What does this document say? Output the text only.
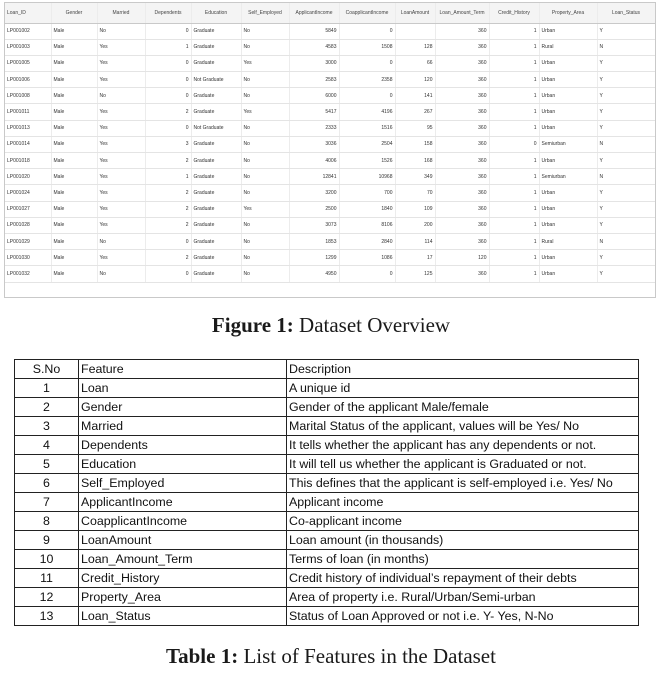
Loan_ID	Gender	Married	Dependents	Education	Self_Employed	ApplicantIncome	CoapplicantIncome	LoanAmount	Loan_Amount_Term	Credit_History	Property_Area	Loan_Status
LP001002	Male	No	0	Graduate	No	5849	0		360	1	Urban	Y
LP001003	Male	Yes	1	Graduate	No	4583	1508	128	360	1	Rural	N
LP001005	Male	Yes	0	Graduate	Yes	3000	0	66	360	1	Urban	Y
LP001006	Male	Yes	0	Not Graduate	No	2583	2358	120	360	1	Urban	Y
LP001008	Male	No	0	Graduate	No	6000	0	141	360	1	Urban	Y
LP001011	Male	Yes	2	Graduate	Yes	5417	4196	267	360	1	Urban	Y
LP001013	Male	Yes	0	Not Graduate	No	2333	1516	95	360	1	Urban	Y
LP001014	Male	Yes	3	Graduate	No	3036	2504	158	360	0	Semiurban	N
LP001018	Male	Yes	2	Graduate	No	4006	1526	168	360	1	Urban	Y
LP001020	Male	Yes	1	Graduate	No	12841	10968	349	360	1	Semiurban	N
LP001024	Male	Yes	2	Graduate	No	3200	700	70	360	1	Urban	Y
LP001027	Male	Yes	2	Graduate	Yes	2500	1840	109	360	1	Urban	Y
LP001028	Male	Yes	2	Graduate	No	3073	8106	200	360	1	Urban	Y
LP001029	Male	No	0	Graduate	No	1853	2840	114	360	1	Rural	N
LP001030	Male	Yes	2	Graduate	No	1299	1086	17	120	1	Urban	Y
LP001032	Male	No	0	Graduate	No	4950	0	125	360	1	Urban	Y
Figure 1: Dataset Overview
S.No	Feature	Description
1	Loan	A unique id
2	Gender	Gender of the applicant Male/female
3	Married	Marital Status of the applicant, values will be Yes/ No
4	Dependents	It tells whether the applicant has any dependents or not.
5	Education	It will tell us whether the applicant is Graduated or not.
6	Self_Employed	This defines that the applicant is self-employed i.e. Yes/ No
7	ApplicantIncome	Applicant income
8	CoapplicantIncome	Co-applicant income
9	LoanAmount	Loan amount (in thousands)
10	Loan_Amount_Term	Terms of loan (in months)
11	Credit_History	Credit history of individual’s repayment of their debts
12	Property_Area	Area of property i.e. Rural/Urban/Semi-urban
13	Loan_Status	Status of Loan Approved or not i.e. Y- Yes, N-No
Table 1: List of Features in the Dataset
